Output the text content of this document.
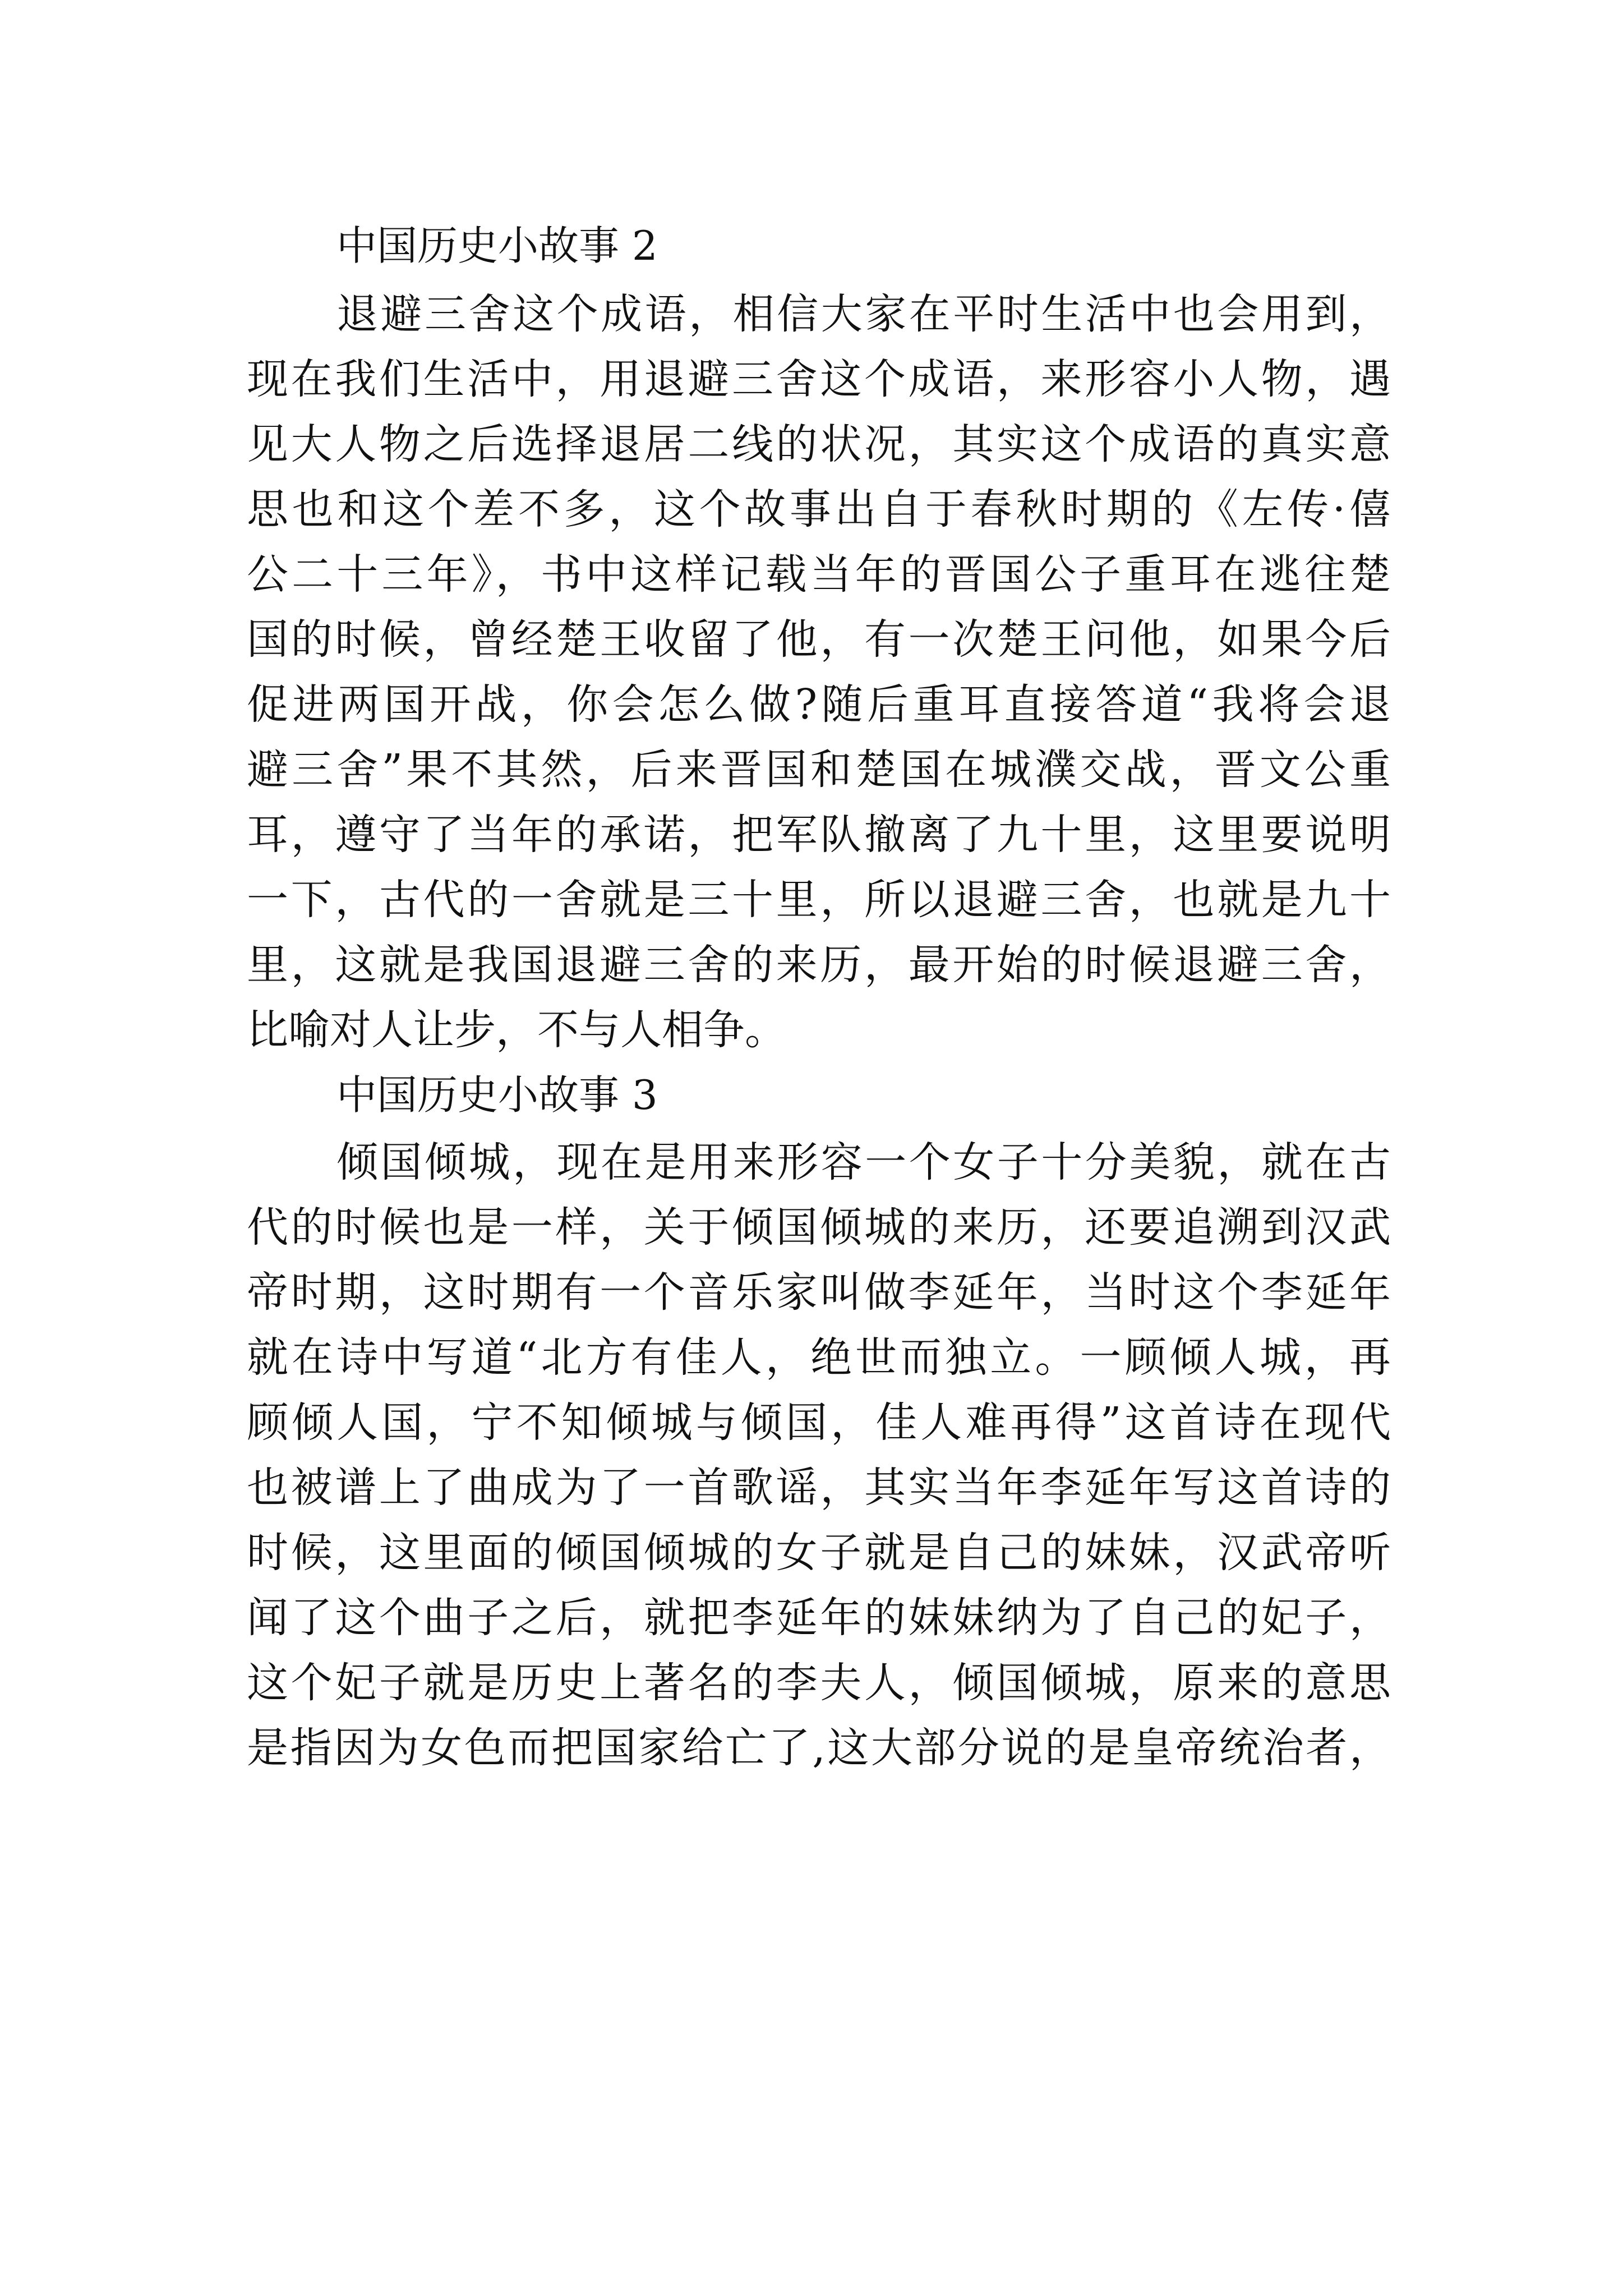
中国历史小故事 2
退避三舍这个成语，相信大家在平时生活中也会用到，
现在我们生活中，用退避三舍这个成语，来形容小人物，遇
见大人物之后选择退居二线的状况，其实这个成语的真实意
思也和这个差不多，这个故事出自于春秋时期的《左传·僖
公二十三年》，书中这样记载当年的晋国公子重耳在逃往楚
国的时候，曾经楚王收留了他，有一次楚王问他，如果今后
促进两国开战，你会怎么做?随后重耳直接答道“我将会退
避三舍”果不其然，后来晋国和楚国在城濮交战，晋文公重
耳，遵守了当年的承诺，把军队撤离了九十里，这里要说明
一下，古代的一舍就是三十里，所以退避三舍，也就是九十
里，这就是我国退避三舍的来历，最开始的时候退避三舍，
比喻对人让步，不与人相争。
中国历史小故事 3
倾国倾城，现在是用来形容一个女子十分美貌，就在古
代的时候也是一样，关于倾国倾城的来历，还要追溯到汉武
帝时期，这时期有一个音乐家叫做李延年，当时这个李延年
就在诗中写道“北方有佳人，绝世而独立。一顾倾人城，再
顾倾人国，宁不知倾城与倾国，佳人难再得”这首诗在现代
也被谱上了曲成为了一首歌谣，其实当年李延年写这首诗的
时候，这里面的倾国倾城的女子就是自己的妹妹，汉武帝听
闻了这个曲子之后，就把李延年的妹妹纳为了自己的妃子，
这个妃子就是历史上著名的李夫人，倾国倾城，原来的意思
是指因为女色而把国家给亡了,这大部分说的是皇帝统治者，
